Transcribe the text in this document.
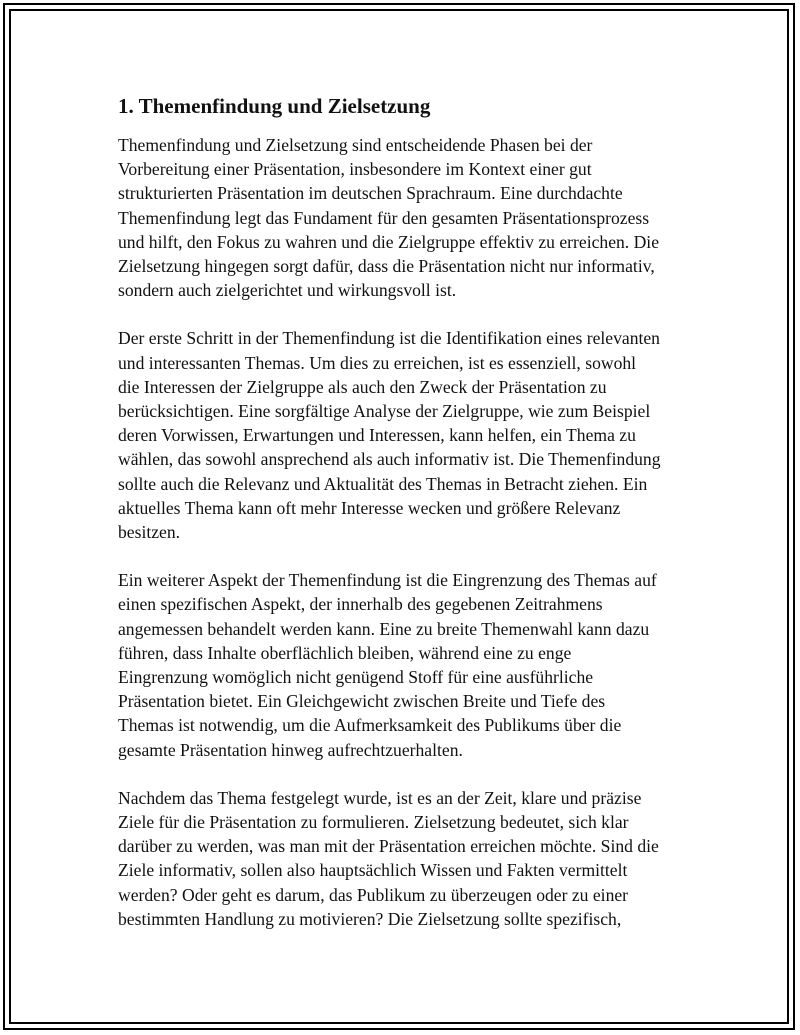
1. Themenfindung und Zielsetzung

Themenfindung und Zielsetzung sind entscheidende Phasen bei der
Vorbereitung einer Präsentation, insbesondere im Kontext einer gut
strukturierten Präsentation im deutschen Sprachraum. Eine durchdachte
Themenfindung legt das Fundament für den gesamten Präsentationsprozess
und hilft, den Fokus zu wahren und die Zielgruppe effektiv zu erreichen. Die
Zielsetzung hingegen sorgt dafür, dass die Präsentation nicht nur informativ,
sondern auch zielgerichtet und wirkungsvoll ist.

Der erste Schritt in der Themenfindung ist die Identifikation eines relevanten
und interessanten Themas. Um dies zu erreichen, ist es essenziell, sowohl
die Interessen der Zielgruppe als auch den Zweck der Präsentation zu
berücksichtigen. Eine sorgfältige Analyse der Zielgruppe, wie zum Beispiel
deren Vorwissen, Erwartungen und Interessen, kann helfen, ein Thema zu
wählen, das sowohl ansprechend als auch informativ ist. Die Themenfindung
sollte auch die Relevanz und Aktualität des Themas in Betracht ziehen. Ein
aktuelles Thema kann oft mehr Interesse wecken und größere Relevanz
besitzen.

Ein weiterer Aspekt der Themenfindung ist die Eingrenzung des Themas auf
einen spezifischen Aspekt, der innerhalb des gegebenen Zeitrahmens
angemessen behandelt werden kann. Eine zu breite Themenwahl kann dazu
führen, dass Inhalte oberflächlich bleiben, während eine zu enge
Eingrenzung womöglich nicht genügend Stoff für eine ausführliche
Präsentation bietet. Ein Gleichgewicht zwischen Breite und Tiefe des
Themas ist notwendig, um die Aufmerksamkeit des Publikums über die
gesamte Präsentation hinweg aufrechtzuerhalten.

Nachdem das Thema festgelegt wurde, ist es an der Zeit, klare und präzise
Ziele für die Präsentation zu formulieren. Zielsetzung bedeutet, sich klar
darüber zu werden, was man mit der Präsentation erreichen möchte. Sind die
Ziele informativ, sollen also hauptsächlich Wissen und Fakten vermittelt
werden? Oder geht es darum, das Publikum zu überzeugen oder zu einer
bestimmten Handlung zu motivieren? Die Zielsetzung sollte spezifisch,
